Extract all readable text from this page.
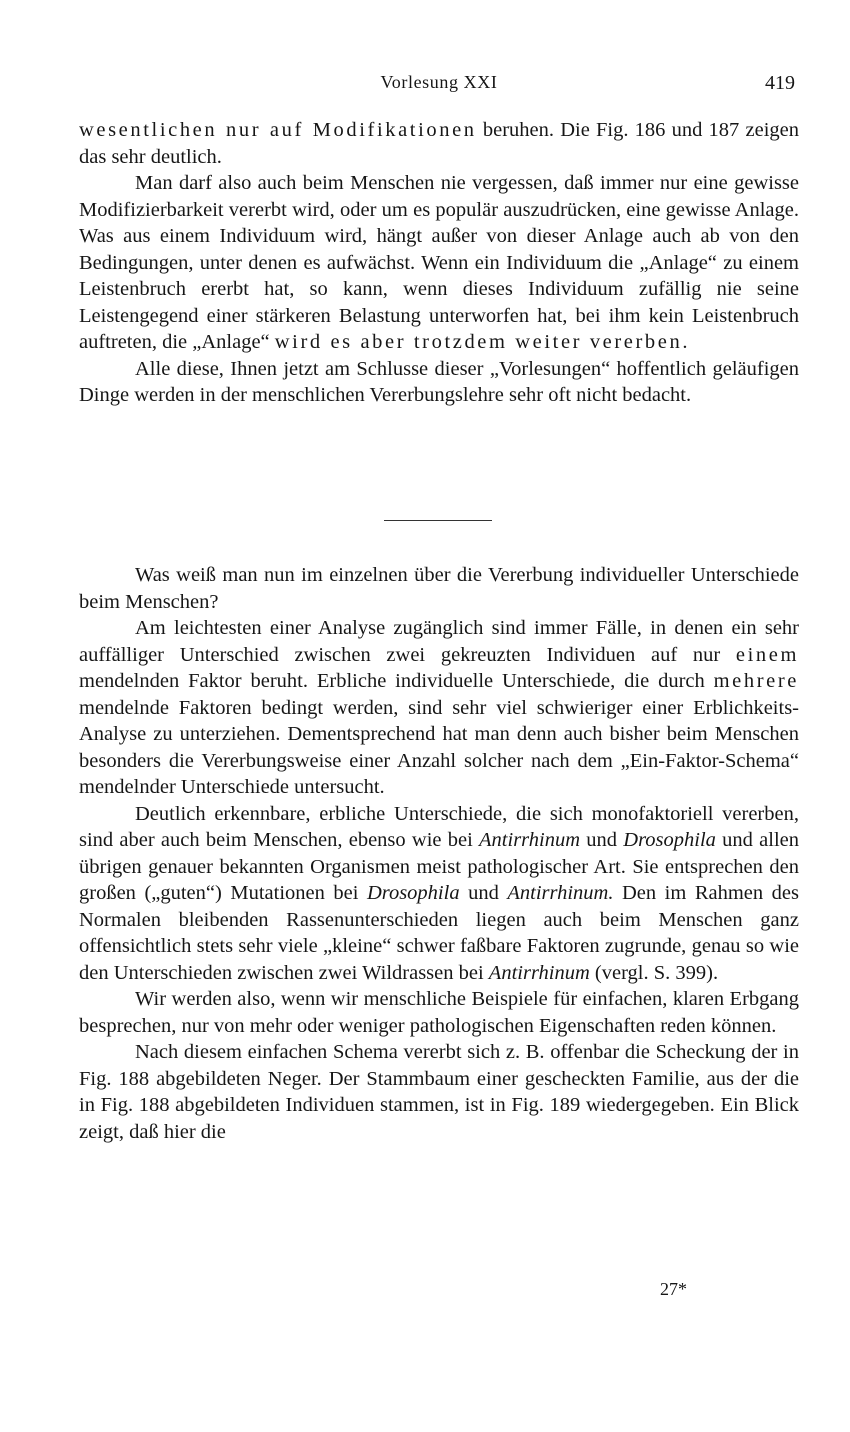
Vorlesung XXI	419

wesentlichen nur auf Modifikationen beruhen. Die Fig. 186 und 187 zeigen das sehr deutlich.

Man darf also auch beim Menschen nie vergessen, daß immer nur eine gewisse Modifizierbarkeit vererbt wird, oder um es populär auszudrücken, eine gewisse Anlage. Was aus einem Individuum wird, hängt außer von dieser Anlage auch ab von den Bedingungen, unter denen es aufwächst. Wenn ein Individuum die „Anlage“ zu einem Leistenbruch ererbt hat, so kann, wenn dieses Individuum zufällig nie seine Leistengegend einer stärkeren Belastung unterworfen hat, bei ihm kein Leistenbruch auftreten, die „Anlage“ wird es aber trotzdem weiter vererben.

Alle diese, Ihnen jetzt am Schlusse dieser „Vorlesungen“ hoffentlich geläufigen Dinge werden in der menschlichen Vererbungslehre sehr oft nicht bedacht.

Was weiß man nun im einzelnen über die Vererbung individueller Unterschiede beim Menschen?

Am leichtesten einer Analyse zugänglich sind immer Fälle, in denen ein sehr auffälliger Unterschied zwischen zwei gekreuzten Individuen auf nur einem mendelnden Faktor beruht. Erbliche individuelle Unterschiede, die durch mehrere mendelnde Faktoren bedingt werden, sind sehr viel schwieriger einer Erblichkeits-Analyse zu unterziehen. Dementsprechend hat man denn auch bisher beim Menschen besonders die Vererbungsweise einer Anzahl solcher nach dem „Ein-Faktor-Schema“ mendelnder Unterschiede untersucht.

Deutlich erkennbare, erbliche Unterschiede, die sich monofaktoriell vererben, sind aber auch beim Menschen, ebenso wie bei Antirrhinum und Drosophila und allen übrigen genauer bekannten Organismen meist pathologischer Art. Sie entsprechen den großen („guten“) Mutationen bei Drosophila und Antirrhinum. Den im Rahmen des Normalen bleibenden Rassenunterschieden liegen auch beim Menschen ganz offensichtlich stets sehr viele „kleine“ schwer faßbare Faktoren zugrunde, genau so wie den Unterschieden zwischen zwei Wildrassen bei Antirrhinum (vergl. S. 399).

Wir werden also, wenn wir menschliche Beispiele für einfachen, klaren Erbgang besprechen, nur von mehr oder weniger pathologischen Eigenschaften reden können.

Nach diesem einfachen Schema vererbt sich z. B. offenbar die Scheckung der in Fig. 188 abgebildeten Neger. Der Stammbaum einer gescheckten Familie, aus der die in Fig. 188 abgebildeten Individuen stammen, ist in Fig. 189 wiedergegeben. Ein Blick zeigt, daß hier die

27*
